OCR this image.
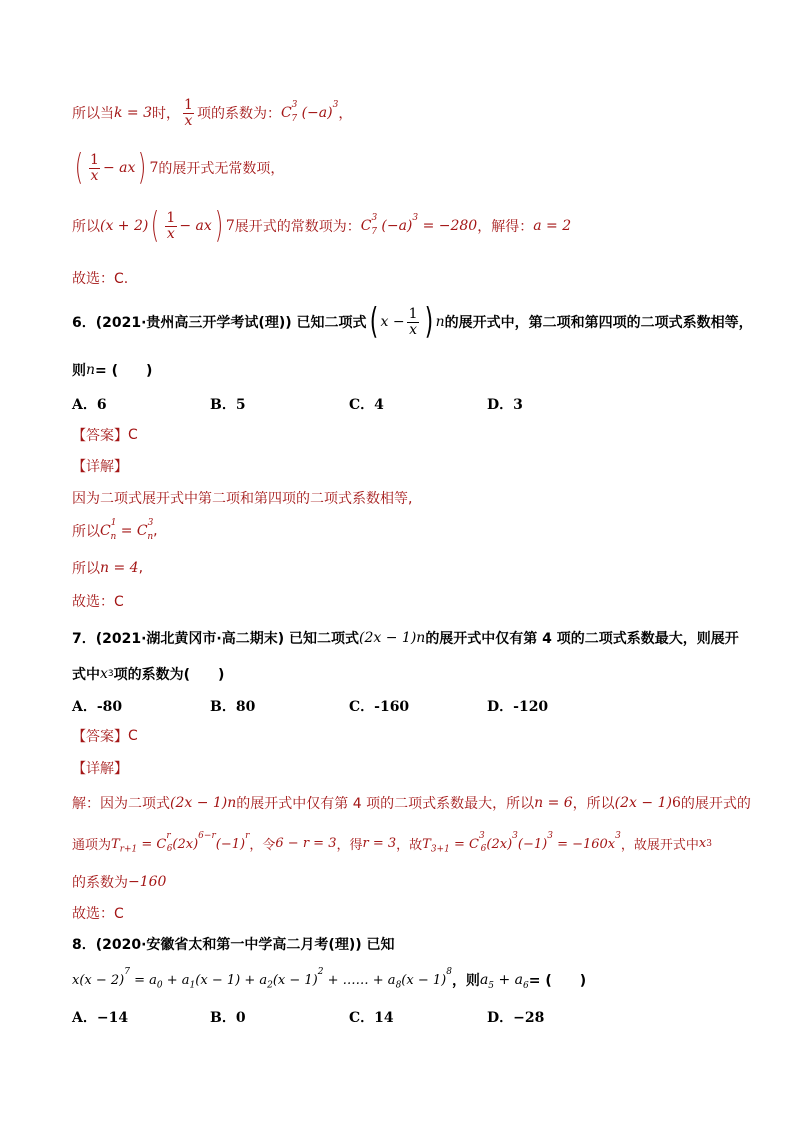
所以当 k = 3 时， $\frac{1}{x}$ 项的系数为： $C^3_7$ $(-a)^3$
，
( $\frac{1}{x}$ − ax ) 7 的展开式无常数项，
所以 (x + 2) ( $\frac{1}{x}$ − ax ) 7 展开式的常数项为： $C^3_7$ $(-a)^3 = -280$ ，解得： a = 2
故选：C.
6．(2021·贵州高三开学考试(理)) 已知二项式 ( $x - \frac{1}{x}$ ) n 的展开式中，第二项和第四项的二项式系数相等，
则 n = (　　)
A．6	B．5	C．4	D．3
【答案】 C
【详解】
因为二项式展开式中第二项和第四项的二项式系数相等,
所以 $C^1_n = C^3_n$ ,
所以 n = 4 ,
故选：C
7．(2021·湖北黄冈市·高二期末) 已知二项式 (2x − 1) n 的展开式中仅有第 4 项的二项式系数最大，则展开
式中 x 3 项的系数为(　　)
A．-80	B．80	C．-160	D．-120
【答案】 C
【详解】
解：因为二项式 (2x − 1) n 的展开式中仅有第 4 项的二项式系数最大，所以 n = 6 ，所以 (2x − 1) 6 的展开式的
通项为 $T_{r+1} = C^r_6(2x)^{6-r}(-1)^r$
，令 6 − r = 3 ，得 r = 3 ，故 $T_{3+1} = C^3_6(2x)^3(-1)^3 = -160x^3$
，故展开式中 x 3
的系数为 −160
故选：C
8．(2020·安徽省太和第一中学高二月考(理)) 已知
$x(x - 2)^7 = a_0 + a_1(x - 1) + a_2(x - 1)^2$ + …… + $a_8(x - 1)^8$
，则 $a_5 + a_6$ = (　　)
A．−14	B．0	C．14	D．−28
